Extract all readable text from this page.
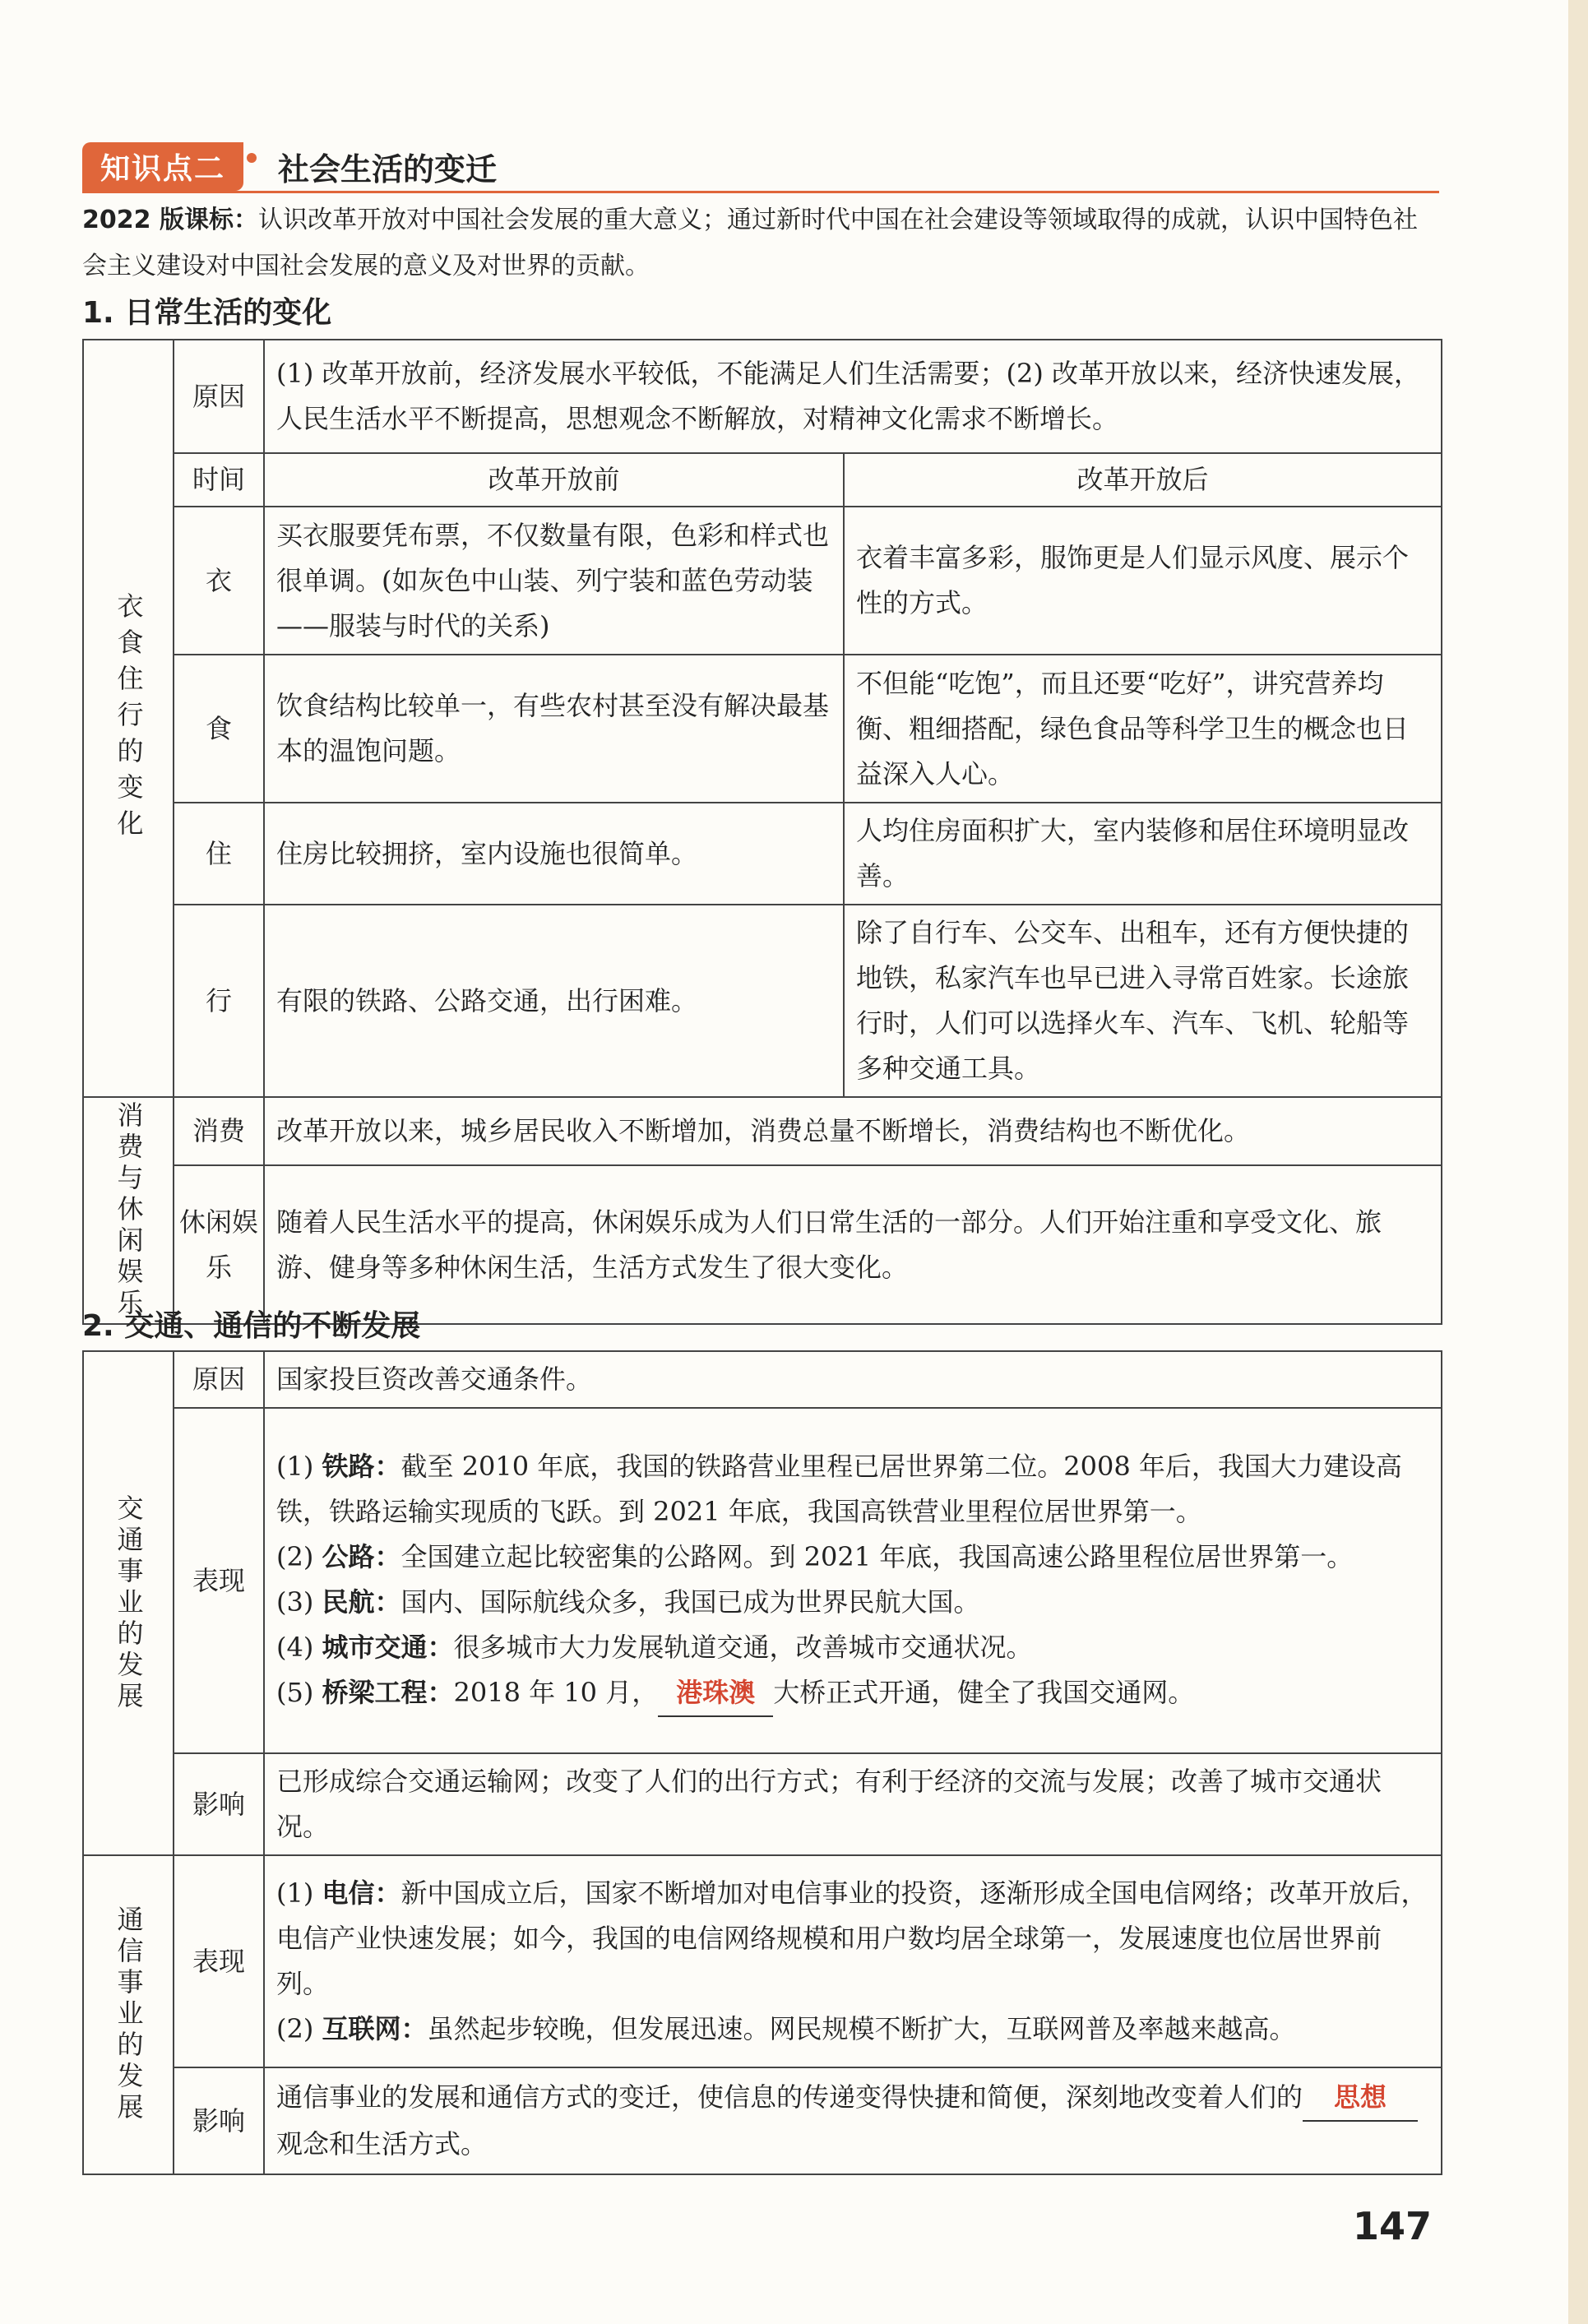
知识点二	社会生活的变迁
2022 版课标：认识改革开放对中国社会发展的重大意义；通过新时代中国在社会建设等领域取得的成就，认识中国特色社会主义建设对中国社会发展的意义及对世界的贡献。
1. 日常生活的变化
衣食住行的变化	原因	(1) 改革开放前，经济发展水平较低，不能满足人们生活需要；(2) 改革开放以来，经济快速发展，人民生活水平不断提高，思想观念不断解放，对精神文化需求不断增长。	
	时间	改革开放前	改革开放后
	衣	买衣服要凭布票，不仅数量有限，色彩和样式也很单调。(如灰色中山装、列宁装和蓝色劳动装——服装与时代的关系)	衣着丰富多彩，服饰更是人们显示风度、展示个性的方式。
	食	饮食结构比较单一，有些农村甚至没有解决最基本的温饱问题。	不但能“吃饱”，而且还要“吃好”，讲究营养均衡、粗细搭配，绿色食品等科学卫生的概念也日益深入人心。
	住	住房比较拥挤，室内设施也很简单。	人均住房面积扩大，室内装修和居住环境明显改善。
	行	有限的铁路、公路交通，出行困难。	除了自行车、公交车、出租车，还有方便快捷的地铁，私家汽车也早已进入寻常百姓家。长途旅行时，人们可以选择火车、汽车、飞机、轮船等多种交通工具。
消费与休闲娱乐	消费	改革开放以来，城乡居民收入不断增加，消费总量不断增长，消费结构也不断优化。	
	休闲娱乐	随着人民生活水平的提高，休闲娱乐成为人们日常生活的一部分。人们开始注重和享受文化、旅游、健身等多种休闲生活，生活方式发生了很大变化。	
2. 交通、通信的不断发展
交通事业的发展	原因	国家投巨资改善交通条件。
	表现	(1) 铁路：截至 2010 年底，我国的铁路营业里程已居世界第二位。2008 年后，我国大力建设高铁，铁路运输实现质的飞跃。到 2021 年底，我国高铁营业里程位居世界第一。
(2) 公路：全国建立起比较密集的公路网。到 2021 年底，我国高速公路里程位居世界第一。
(3) 民航：国内、国际航线众多，我国已成为世界民航大国。
(4) 城市交通：很多城市大力发展轨道交通，改善城市交通状况。
(5) 桥梁工程：2018 年 10 月， 港珠澳 大桥正式开通，健全了我国交通网。

	影响	已形成综合交通运输网；改变了人们的出行方式；有利于经济的交流与发展；改善了城市交通状况。

通信事业的发展	表现	(1) 电信：新中国成立后，国家不断增加对电信事业的投资，逐渐形成全国电信网络；改革开放后，电信产业快速发展；如今，我国的电信网络规模和用户数均居全球第一，发展速度也位居世界前列。
(2) 互联网：虽然起步较晚，但发展迅速。网民规模不断扩大，互联网普及率越来越高。

	影响	通信事业的发展和通信方式的变迁，使信息的传递变得快捷和简便，深刻地改变着人们的 思想观念和生活方式。
147
